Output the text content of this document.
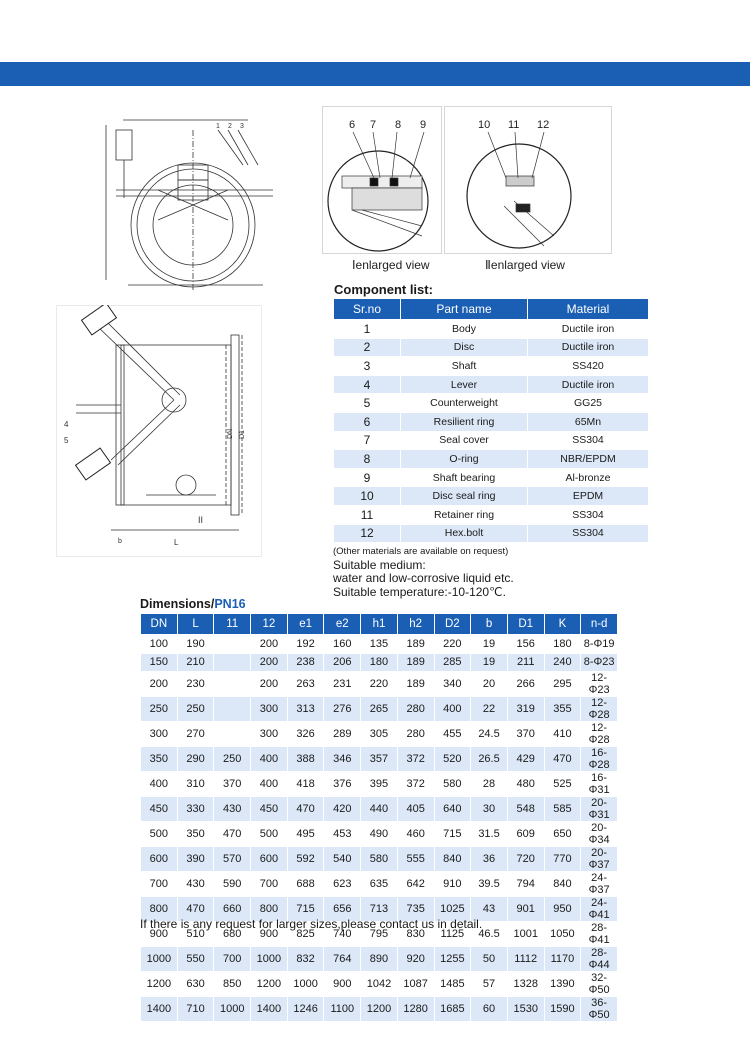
1 2 3	6 7 8 9	10 11 12
Ⅰenlarged view	Ⅱenlarged view
4
5
DN D1
L
b
II
Component list:
Sr.no	Part name	Material
1	Body	Ductile iron
2	Disc	Ductile iron
3	Shaft	SS420
4	Lever	Ductile iron
5	Counterweight	GG25
6	Resilient ring	65Mn
7	Seal cover	SS304
8	O-ring	NBR/EPDM
9	Shaft bearing	Al-bronze
10	Disc seal ring	EPDM
11	Retainer ring	SS304
12	Hex.bolt	SS304
(Other materials are available on request)
Suitable medium:
water and low-corrosive liquid etc.
Suitable temperature:-10-120℃.
Dimensions/PN16
DN	L	11	12	e1	e2	h1	h2	D2	b	D1	K	n-d
100	190		200	192	160	135	189	220	19	156	180	8-Φ19
150	210		200	238	206	180	189	285	19	211	240	8-Φ23
200	230		200	263	231	220	189	340	20	266	295	12-Φ23
250	250		300	313	276	265	280	400	22	319	355	12-Φ28
300	270		300	326	289	305	280	455	24.5	370	410	12-Φ28
350	290	250	400	388	346	357	372	520	26.5	429	470	16-Φ28
400	310	370	400	418	376	395	372	580	28	480	525	16-Φ31
450	330	430	450	470	420	440	405	640	30	548	585	20-Φ31
500	350	470	500	495	453	490	460	715	31.5	609	650	20-Φ34
600	390	570	600	592	540	580	555	840	36	720	770	20-Φ37
700	430	590	700	688	623	635	642	910	39.5	794	840	24-Φ37
800	470	660	800	715	656	713	735	1025	43	901	950	24-Φ41
900	510	680	900	825	740	795	830	1125	46.5	1001	1050	28-Φ41
1000	550	700	1000	832	764	890	920	1255	50	1112	1170	28-Φ44
1200	630	850	1200	1000	900	1042	1087	1485	57	1328	1390	32-Φ50
1400	710	1000	1400	1246	1100	1200	1280	1685	60	1530	1590	36-Φ50
If there is any request for larger sizes,please contact us in detail.
